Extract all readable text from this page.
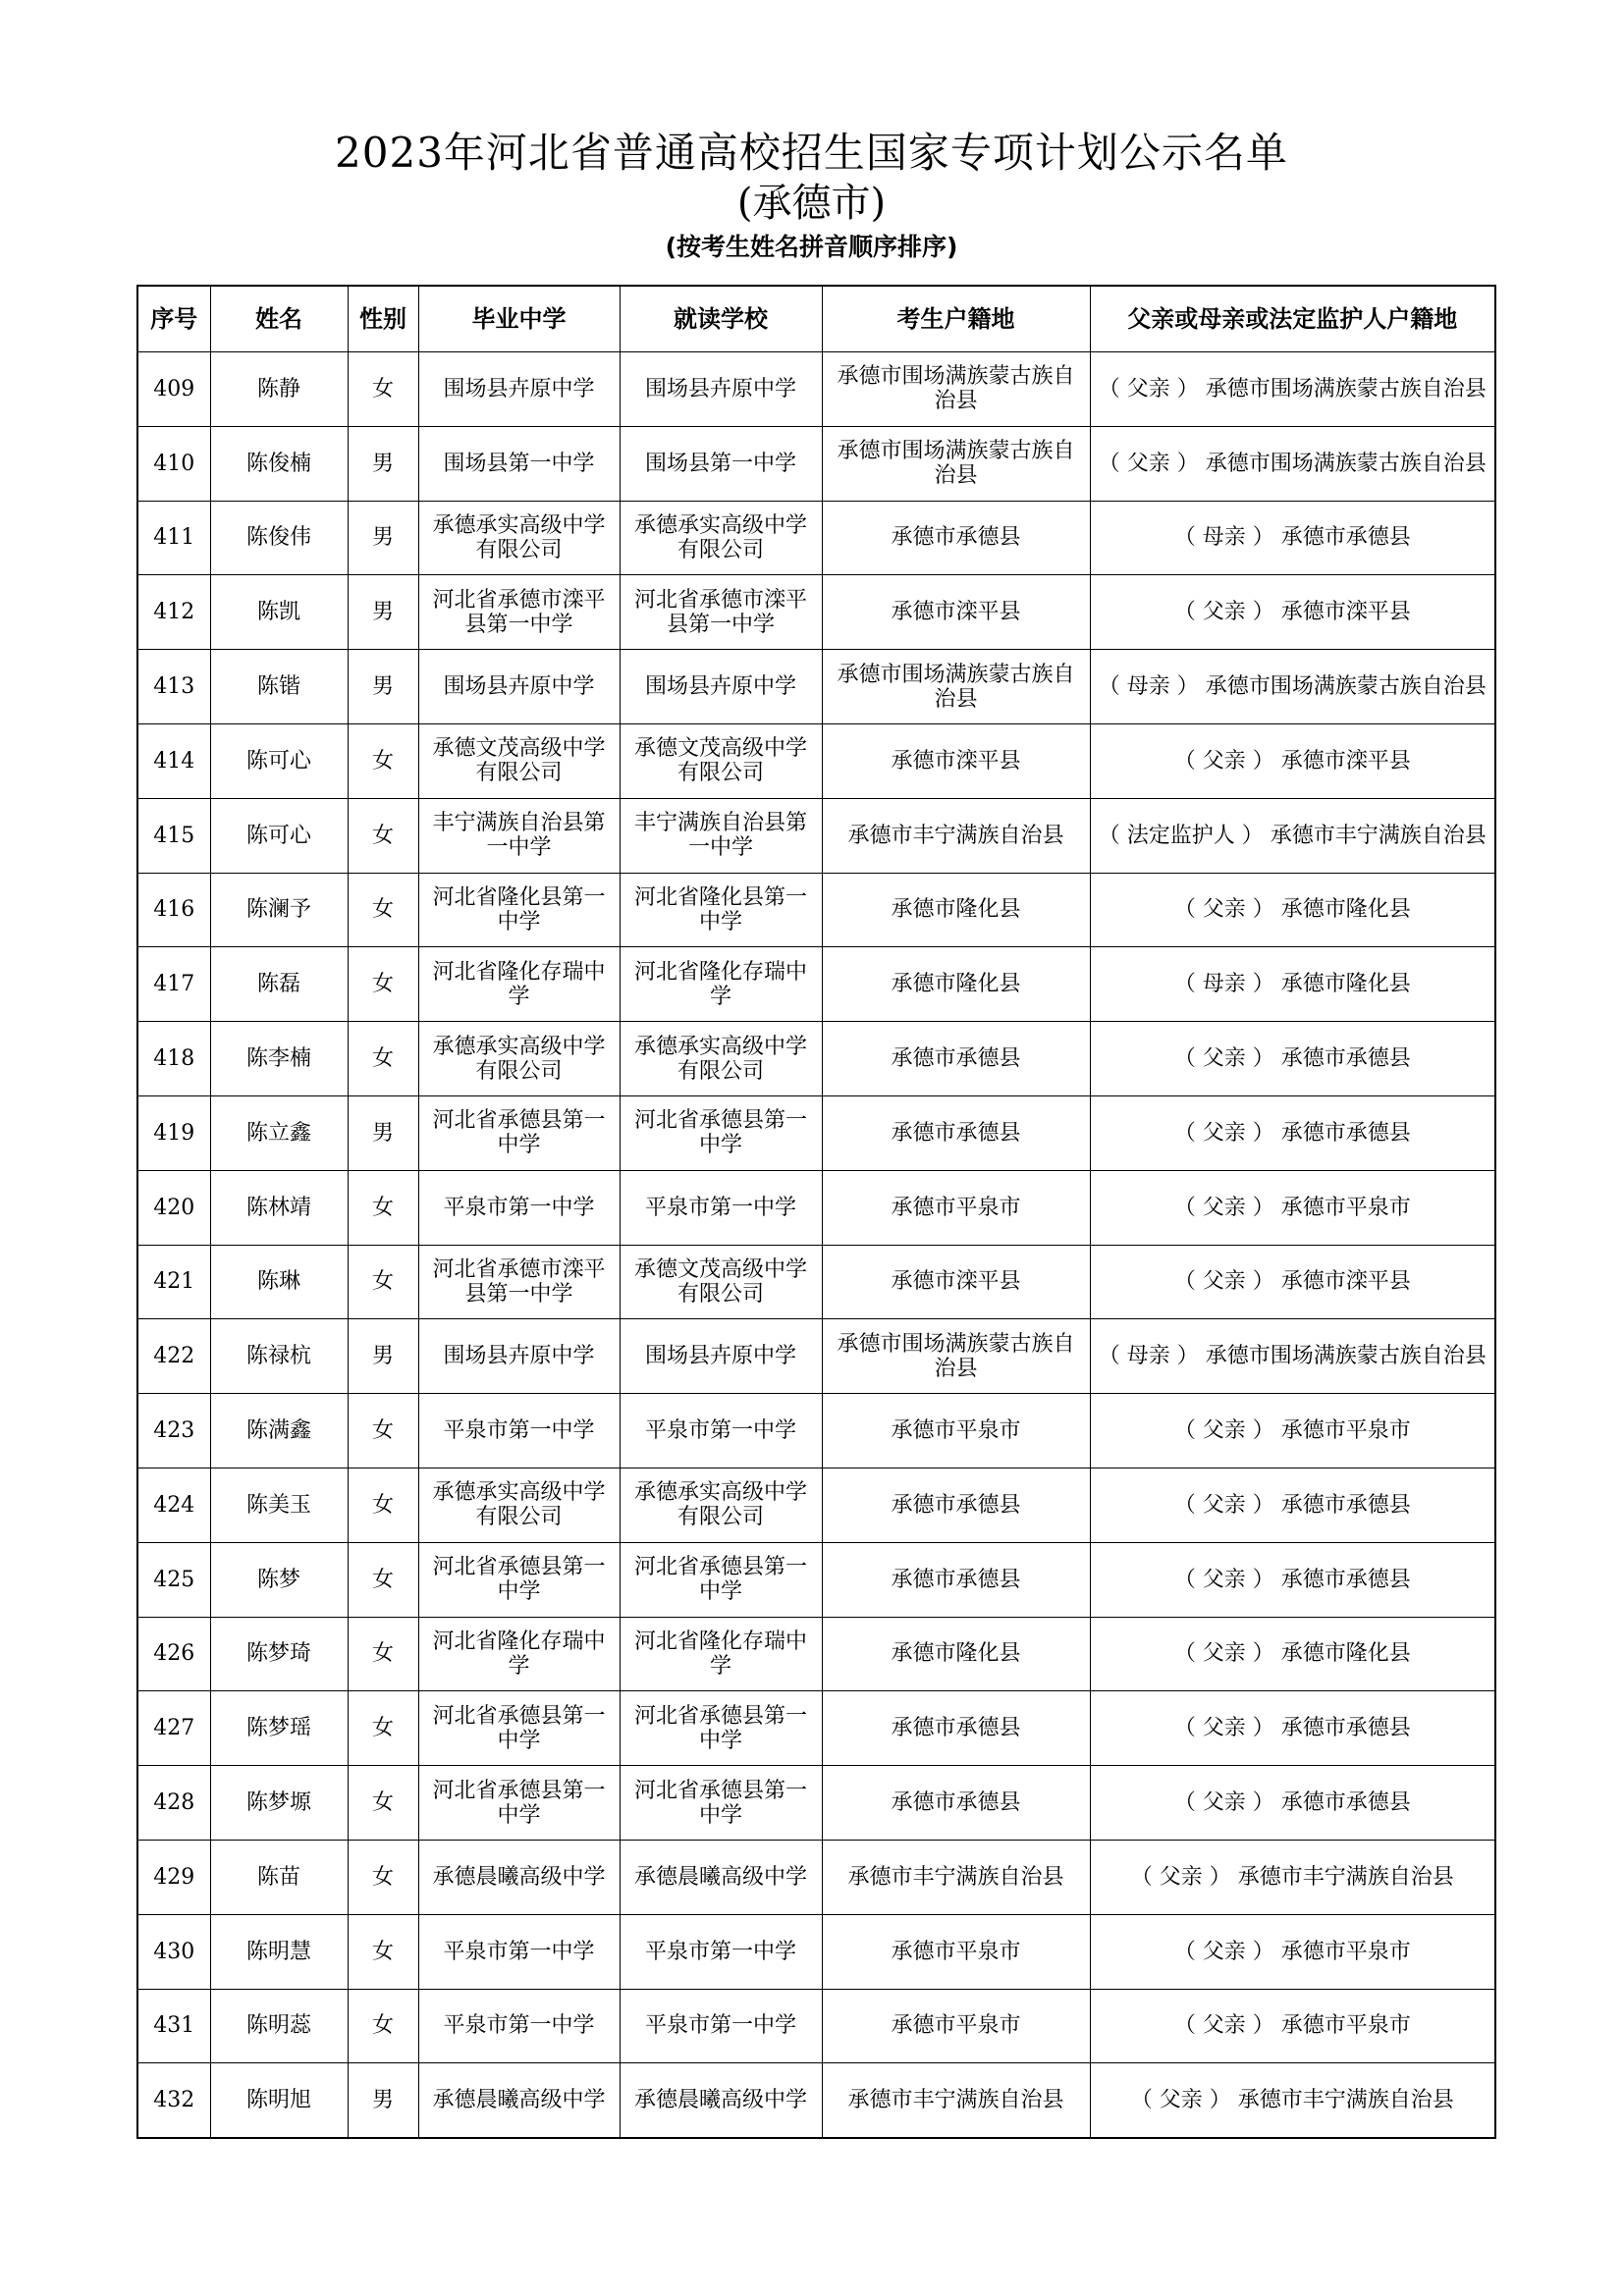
2023年河北省普通高校招生国家专项计划公示名单
(承德市)
(按考生姓名拼音顺序排序)
序号	姓名	性别	毕业中学	就读学校	考生户籍地	父亲或母亲或法定监护人户籍地
409	陈静	女	围场县卉原中学	围场县卉原中学	承德市围场满族蒙古族自治县	（ 父亲 ） 承德市围场满族蒙古族自治县
410	陈俊楠	男	围场县第一中学	围场县第一中学	承德市围场满族蒙古族自治县	（ 父亲 ） 承德市围场满族蒙古族自治县
411	陈俊伟	男	承德承实高级中学有限公司	承德承实高级中学有限公司	承德市承德县	（ 母亲 ） 承德市承德县
412	陈凯	男	河北省承德市滦平县第一中学	河北省承德市滦平县第一中学	承德市滦平县	（ 父亲 ） 承德市滦平县
413	陈锴	男	围场县卉原中学	围场县卉原中学	承德市围场满族蒙古族自治县	（ 母亲 ） 承德市围场满族蒙古族自治县
414	陈可心	女	承德文茂高级中学有限公司	承德文茂高级中学有限公司	承德市滦平县	（ 父亲 ） 承德市滦平县
415	陈可心	女	丰宁满族自治县第一中学	丰宁满族自治县第一中学	承德市丰宁满族自治县	（ 法定监护人 ） 承德市丰宁满族自治县
416	陈澜予	女	河北省隆化县第一中学	河北省隆化县第一中学	承德市隆化县	（ 父亲 ） 承德市隆化县
417	陈磊	女	河北省隆化存瑞中学	河北省隆化存瑞中学	承德市隆化县	（ 母亲 ） 承德市隆化县
418	陈李楠	女	承德承实高级中学有限公司	承德承实高级中学有限公司	承德市承德县	（ 父亲 ） 承德市承德县
419	陈立鑫	男	河北省承德县第一中学	河北省承德县第一中学	承德市承德县	（ 父亲 ） 承德市承德县
420	陈林靖	女	平泉市第一中学	平泉市第一中学	承德市平泉市	（ 父亲 ） 承德市平泉市
421	陈琳	女	河北省承德市滦平县第一中学	承德文茂高级中学有限公司	承德市滦平县	（ 父亲 ） 承德市滦平县
422	陈禄杭	男	围场县卉原中学	围场县卉原中学	承德市围场满族蒙古族自治县	（ 母亲 ） 承德市围场满族蒙古族自治县
423	陈满鑫	女	平泉市第一中学	平泉市第一中学	承德市平泉市	（ 父亲 ） 承德市平泉市
424	陈美玉	女	承德承实高级中学有限公司	承德承实高级中学有限公司	承德市承德县	（ 父亲 ） 承德市承德县
425	陈梦	女	河北省承德县第一中学	河北省承德县第一中学	承德市承德县	（ 父亲 ） 承德市承德县
426	陈梦琦	女	河北省隆化存瑞中学	河北省隆化存瑞中学	承德市隆化县	（ 父亲 ） 承德市隆化县
427	陈梦瑶	女	河北省承德县第一中学	河北省承德县第一中学	承德市承德县	（ 父亲 ） 承德市承德县
428	陈梦塬	女	河北省承德县第一中学	河北省承德县第一中学	承德市承德县	（ 父亲 ） 承德市承德县
429	陈苗	女	承德晨曦高级中学	承德晨曦高级中学	承德市丰宁满族自治县	（ 父亲 ） 承德市丰宁满族自治县
430	陈明慧	女	平泉市第一中学	平泉市第一中学	承德市平泉市	（ 父亲 ） 承德市平泉市
431	陈明蕊	女	平泉市第一中学	平泉市第一中学	承德市平泉市	（ 父亲 ） 承德市平泉市
432	陈明旭	男	承德晨曦高级中学	承德晨曦高级中学	承德市丰宁满族自治县	（ 父亲 ） 承德市丰宁满族自治县
